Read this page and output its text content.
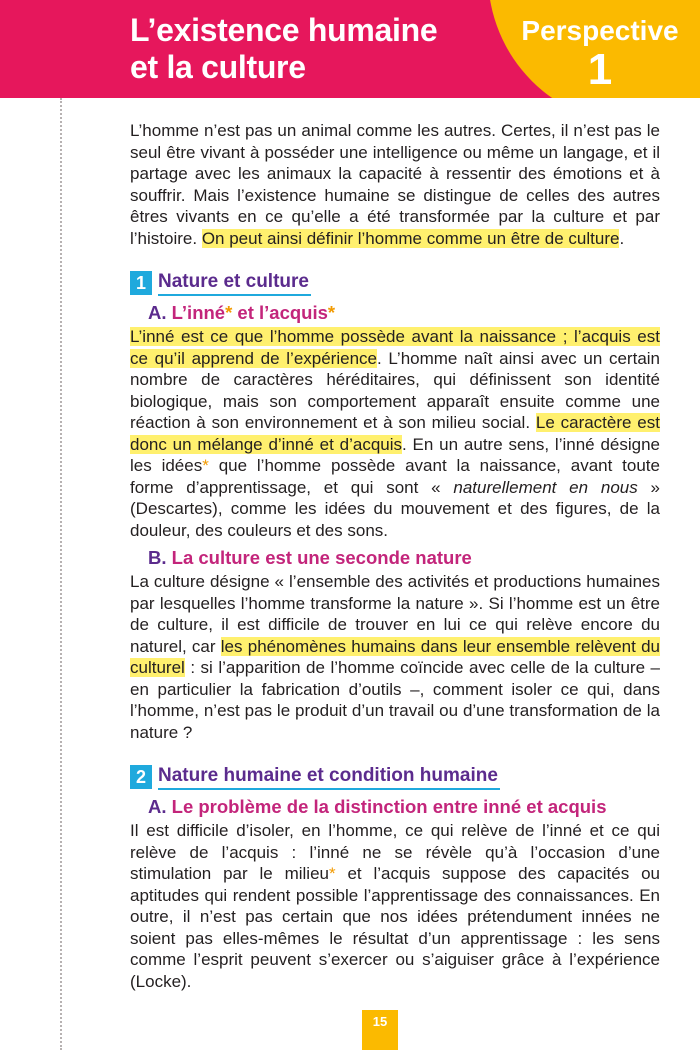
L’existence humaine
et la culture
Perspective
1

L’homme n’est pas un animal comme les autres. Certes, il n’est pas le seul être vivant à posséder une intelligence ou même un langage, et il partage avec les animaux la capacité à ressentir des émotions et à souffrir. Mais l’existence humaine se distingue de celles des autres êtres vivants en ce qu’elle a été transformée par la culture et par l’histoire. On peut ainsi définir l’homme comme un être de culture.

1 Nature et culture
A. L’inné* et l’acquis*

L’inné est ce que l’homme possède avant la naissance ; l’acquis est ce qu’il apprend de l’expérience. L’homme naît ainsi avec un certain nombre de caractères héréditaires, qui définissent son identité biologique, mais son comportement apparaît ensuite comme une réaction à son environnement et à son milieu social. Le caractère est donc un mélange d’inné et d’acquis. En un autre sens, l’inné désigne les idées* que l’homme possède avant la naissance, avant toute forme d’apprentissage, et qui sont « naturellement en nous » (Descartes), comme les idées du mouvement et des figures, de la douleur, des couleurs et des sons.

B. La culture est une seconde nature

La culture désigne « l’ensemble des activités et productions humaines par lesquelles l’homme transforme la nature ». Si l’homme est un être de culture, il est difficile de trouver en lui ce qui relève encore du naturel, car les phénomènes humains dans leur ensemble relèvent du culturel : si l’apparition de l’homme coïncide avec celle de la culture – en particulier la fabrication d’outils –, comment isoler ce qui, dans l’homme, n’est pas le produit d’un travail ou d’une transformation de la nature ?

2 Nature humaine et condition humaine
A. Le problème de la distinction entre inné et acquis

Il est difficile d’isoler, en l’homme, ce qui relève de l’inné et ce qui relève de l’acquis : l’inné ne se révèle qu’à l’occasion d’une stimulation par le milieu* et l’acquis suppose des capacités ou aptitudes qui rendent possible l’apprentissage des connaissances. En outre, il n’est pas certain que nos idées prétendument innées ne soient pas elles-mêmes le résultat d’un apprentissage : les sens comme l’esprit peuvent s’exercer ou s’aiguiser grâce à l’expérience (Locke).

15
